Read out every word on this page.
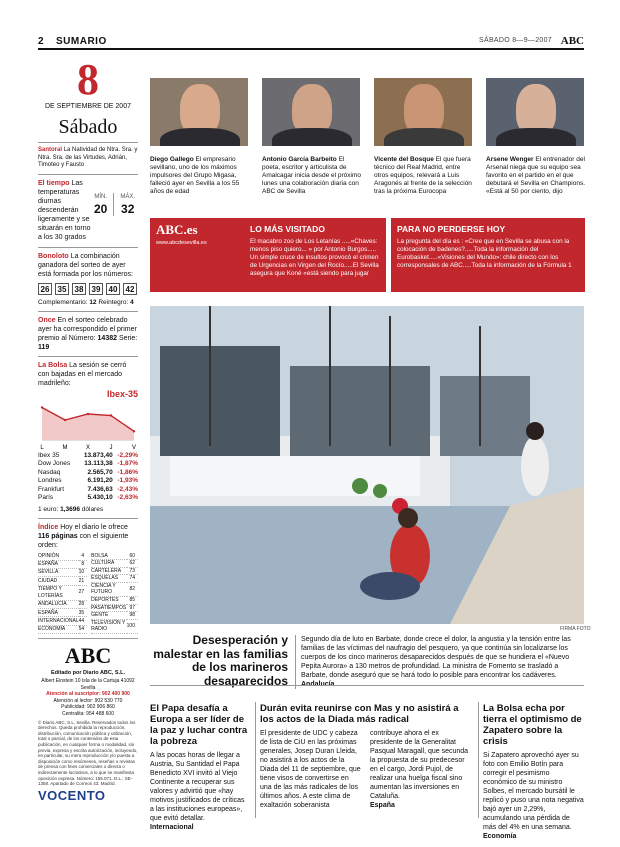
2 SUMARIO	SÁBADO 8—9—2007 ABC
8
DE SEPTIEMBRE DE 2007
Sábado
Santoral La Natividad de Ntra. Sra. y Ntra. Sra. de las Virtudes, Adrián, Timoteo y Fausto
El tiempo Las temperaturas diurnas descenderán ligeramente y se situarán en torno a los 30 grados
MÍN.
20
MÁX.
32
Bonoloto La combinación ganadora del sorteo de ayer está formada por los números:
26	35	38	39	40	42
Complementario: 12 Reintegro: 4
Once En el sorteo celebrado ayer ha correspondido el primer premio al Número: 14382 Serie: 119
La Bolsa La sesión se cerró con bajadas en el mercado madrileño:
Ibex-35
L	M	X	J	V
Ibex 35	13.873,40	-2,29%
Dow Jones	13.113,38	-1,87%
Nasdaq	2.565,70	-1,86%
Londres	6.191,20	-1,93%
Frankfurt	7.436,63	-2,43%
París	5.430,10	-2,63%
1 euro: 1,3696 dólares
Índice Hoy el diario le ofrece 116 páginas con el siguiente orden:
OPINIÓN	4
ESPAÑA	8
SEVILLA	10
CIUDAD	21
TIEMPO Y LOTERÍAS	27
ANDALUCÍA	28
ESPAÑA	35
INTERNACIONAL	44
ECONOMÍA	54
BOLSA	60
CULTURA	62
CARTELERA	73
ESQUELAS	74
CIENCIA Y FUTURO	82
DEPORTES	85
PASATIEMPOS	97
GENTE	98
TELEVISIÓN Y RADIO	100
ABC
Editado por Diario ABC, S.L.
Albert Einstein 10 Isla de la Cartuja 41092 Sevilla
Atención al suscriptor: 902 400 900
Atención al lector: 902 530 770
Publicidad: 902 906 860
Centralita: 954 488 600
© Diario ABC, S.L. Sevilla. Reservados todos los derechos. Queda prohibida la reproducción, distribución, comunicación pública y utilización, total o parcial, de los contenidos de esta publicación, en cualquier forma o modalidad, sin previa, expresa y escrita autorización, incluyendo, en particular, su mera reproducción y/o puesta a disposición como resúmenes, reseñas o revistas de prensa con fines comerciales o directa o indirectamente lucrativos, a lo que se manifiesta oposición expresa. Número: 155.071. D.L.: SE-1358. Apartado de Correos 43. Madrid.
VOCENTO
Diego Gallego El empresario sevillano, uno de los máximos impulsores del Grupo Migasa, falleció ayer en Sevilla a los 55 años de edad
Antonio García Barbeito El poeta, escritor y articulista de Amalcagar inicia desde el próximo lunes una colaboración diaria con ABC de Sevilla
Vicente del Bosque El que fuera técnico del Real Madrid, entre otros equipos, relevará a Luis Aragonés al frente de la selección tras la próxima Eurocopa
Arsene Wenger El entrenador del Arsenal niega que su equipo sea favorito en el partido en el que debutará el Sevilla en Champions. «Está al 50 por ciento, dijo
ABC.es
www.abcdesevilla.es
LO MÁS VISITADO
El macabro zoo de Los Letanías .....«Chaves: menos piso quiero... » por Antonio Burgos..... Un simple cruce de insultos provocó el crimen de Urgencias en Virgen del Rocío.....El Sevilla asegura que Koné «está siendo para jugar
PARA NO PERDERSE HOY
La pregunta del día es : «Cree que en Sevilla se abusa con la colocación de badenes?.....Toda la información del Eurobasket.....«Visiones del Mundo»: chile directo con los corresponsales de ABC.....Toda la información de la Fórmula 1
FIRMA FOTO
Desesperación y malestar en las familias de los marineros desaparecidos
Segundo día de luto en Barbate, donde crece el dolor, la angustia y la tensión entre las familias de las víctimas del naufragio del pesquero, ya que continúa sin localizarse los cuerpos de los cinco marineros desaparecidos después de que se hundiera el «Nuevo Pepita Aurora» a 130 metros de profundidad. La ministra de Fomento se trasladó a Barbate, donde aseguró que se hará todo lo posible para encontrar los cadáveres. Andalucía
El Papa desafía a Europa a ser líder de la paz y luchar contra la pobreza
A las pocas horas de llegar a Austria, Su Santidad el Papa Benedicto XVI invitó al Viejo Continente a recuperar sus valores y advirtió que «hay motivos justificados de críticas a las instituciones europeas», que evitó detallar.
Internacional
Durán evita reunirse con Mas y no asistirá a los actos de la Diada más radical
El presidente de UDC y cabeza de lista de CiU en las próximas generales, Josep Duran Lleida, no asistirá a los actos de la Diada del 11 de septiembre, que tiene visos de convertirse en una de las más radicales de los últimos años. A este clima de exaltación soberanista contribuye ahora el ex presidente de la Generalitat Pasqual Maragall, que secunda la propuesta de su predecesor en el cargo, Jordi Pujol, de realizar una huelga fiscal sino aumentan las inversiones en Cataluña.
España
La Bolsa echa por tierra el optimismo de Zapatero sobre la crisis
Si Zapatero aprovechó ayer su foto con Emilio Botín para corregir el pesimismo económico de su ministro Solbes, el mercado bursátil le replicó y puso una nota negativa bajó ayer un 2,29%, acumulando una pérdida de más del 4% en una semana.
Economía
